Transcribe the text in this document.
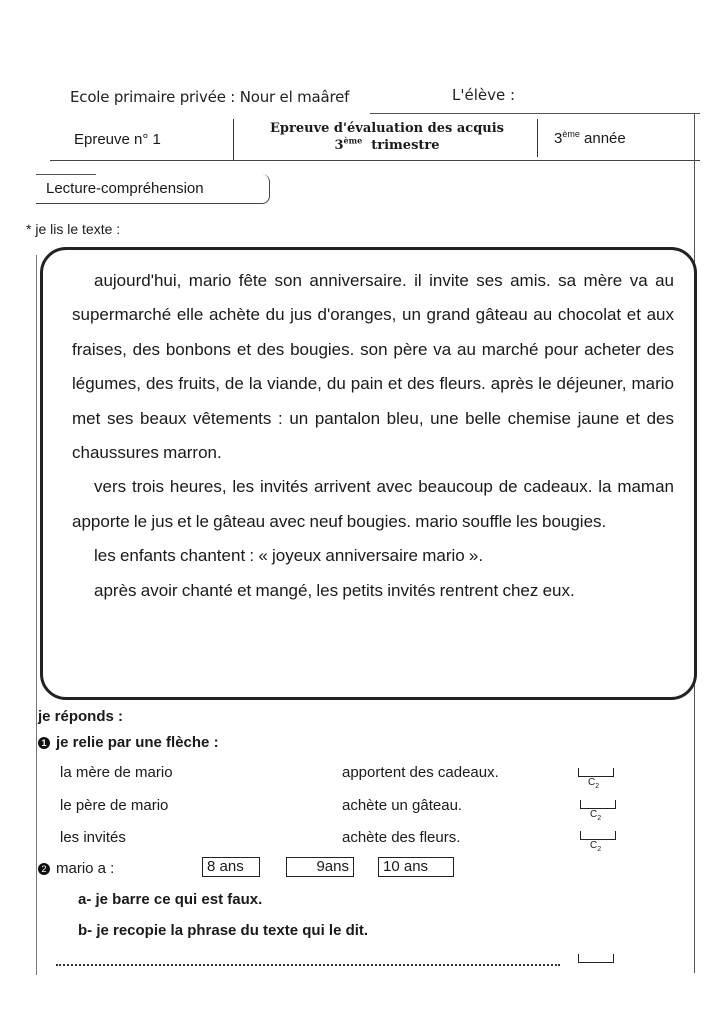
Ecole primaire privée : Nour el maâref	L'élève :
Epreuve n° 1
Epreuve d'évaluation des acquis
3ème trimestre	3ème année
Lecture-compréhension
* je lis le texte :

aujourd'hui, mario fête son anniversaire. il invite ses amis. sa mère va au supermarché elle achète du jus d'oranges, un grand gâteau au chocolat et aux fraises, des bonbons et des bougies. son père va au marché pour acheter des légumes, des fruits, de la viande, du pain et des fleurs. après le déjeuner, mario met ses beaux vêtements : un pantalon bleu, une belle chemise jaune et des chaussures marron.

vers trois heures, les invités arrivent avec beaucoup de cadeaux. la maman apporte le jus et le gâteau avec neuf bougies. mario souffle les bougies.

les enfants chantent : « joyeux anniversaire mario ».

après avoir chanté et mangé, les petits invités rentrent chez eux.

je réponds :
1 je relie par une flèche :
la mère de mario	apportent des cadeaux.
le père de mario	achète un gâteau.
les invités	achète des fleurs.
$C_2$
$C_2$
$C_2$
2 mario a :	8 ans	9ans	10 ans
a- je barre ce qui est faux.
b- je recopie la phrase du texte qui le dit.
